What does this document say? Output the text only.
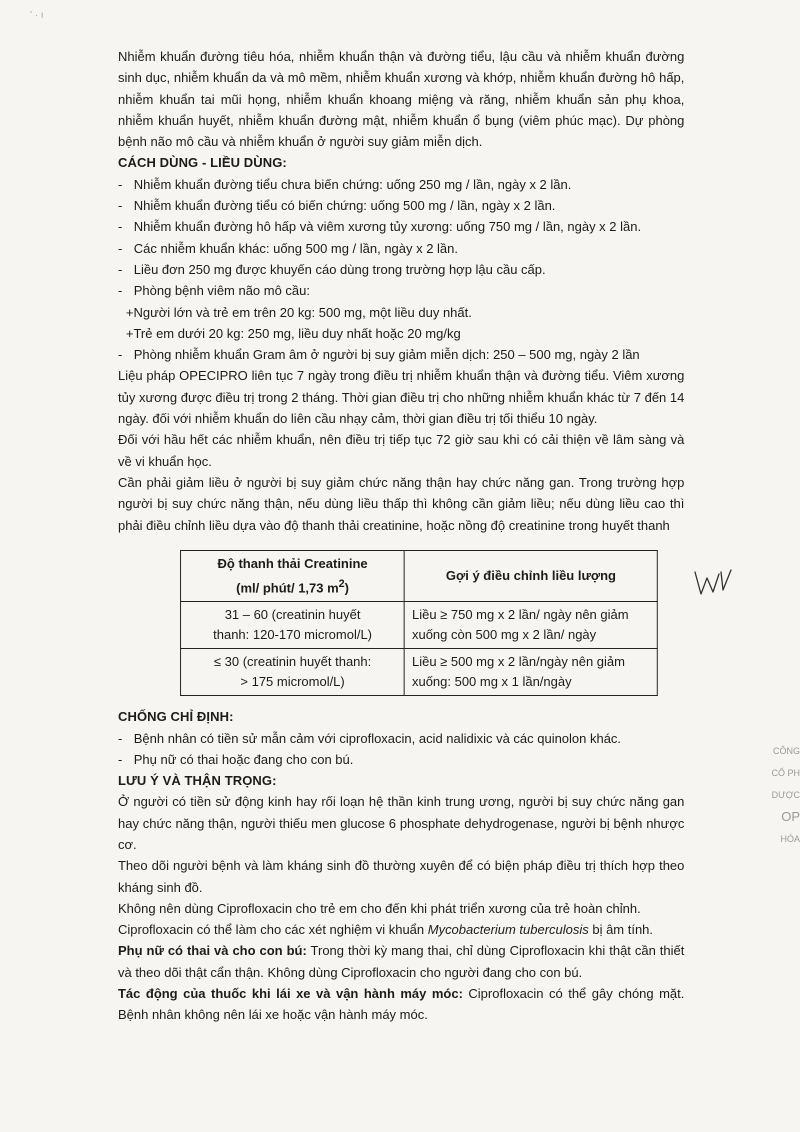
' · ı

Nhiễm khuẩn đường tiêu hóa, nhiễm khuẩn thận và đường tiểu, lậu cầu và nhiễm khuẩn đường sinh dục, nhiễm khuẩn da và mô mềm, nhiễm khuẩn xương và khớp, nhiễm khuẩn đường hô hấp, nhiễm khuẩn tai mũi họng, nhiễm khuẩn khoang miệng và răng, nhiễm khuẩn sản phụ khoa, nhiễm khuẩn huyết, nhiễm khuẩn đường mật, nhiễm khuẩn ổ bụng (viêm phúc mạc). Dự phòng bệnh não mô cầu và nhiễm khuẩn ở người suy giảm miễn dịch.

CÁCH DÙNG - LIỀU DÙNG:

- Nhiễm khuẩn đường tiểu chưa biến chứng: uống 250 mg / lần, ngày x 2 lần.
- Nhiễm khuẩn đường tiểu có biến chứng: uống 500 mg / lần, ngày x 2 lần.
- Nhiễm khuẩn đường hô hấp và viêm xương tủy xương: uống 750 mg / lần, ngày x 2 lần.
- Các nhiễm khuẩn khác: uống 500 mg / lần, ngày x 2 lần.
- Liều đơn 250 mg được khuyến cáo dùng trong trường hợp lậu cầu cấp.
- Phòng bệnh viêm não mô cầu:

+Người lớn và trẻ em trên 20 kg: 500 mg, một liều duy nhất.

+Trẻ em dưới 20 kg: 250 mg, liều duy nhất hoặc 20 mg/kg

- Phòng nhiễm khuẩn Gram âm ở người bị suy giảm miễn dịch: 250 – 500 mg, ngày 2 lần

Liệu pháp OPECIPRO liên tục 7 ngày trong điều trị nhiễm khuẩn thận và đường tiểu. Viêm xương tủy xương được điều trị trong 2 tháng. Thời gian điều trị cho những nhiễm khuẩn khác từ 7 đến 14 ngày. đối với nhiễm khuẩn do liên cầu nhạy cảm, thời gian điều trị tối thiểu 10 ngày.

Đối với hầu hết các nhiễm khuẩn, nên điều trị tiếp tục 72 giờ sau khi có cải thiện về lâm sàng và về vi khuẩn học.

Cần phải giảm liều ở người bị suy giảm chức năng thận hay chức năng gan. Trong trường hợp người bị suy chức năng thận, nếu dùng liều thấp thì không cần giảm liều; nếu dùng liều cao thì phải điều chỉnh liều dựa vào độ thanh thải creatinine, hoặc nồng độ creatinine trong huyết thanh

Độ thanh thải Creatinine
(ml/ phút/ 1,73 $m^2$)	Gợi ý điều chỉnh liều lượng
31 – 60 (creatinin huyết
thanh: 120-170 micromol/L)	Liều ≥ 750 mg x 2 lần/ ngày nên giảm
xuống còn 500 mg x 2 lần/ ngày
≤ 30 (creatinin huyết thanh:
> 175 micromol/L)	Liều ≥ 500 mg x 2 lần/ngày nên giảm
xuống: 500 mg x 1 lần/ngày

CHỐNG CHỈ ĐỊNH:

- Bệnh nhân có tiền sử mẫn cảm với ciprofloxacin, acid nalidixic và các quinolon khác.
- Phụ nữ có thai hoặc đang cho con bú.

LƯU Ý VÀ THẬN TRỌNG:

Ở người có tiền sử động kinh hay rối loạn hệ thần kinh trung ương, người bị suy chức năng gan hay chức năng thận, người thiếu men glucose 6 phosphate dehydrogenase, người bị bệnh nhược cơ.

Theo dõi người bệnh và làm kháng sinh đồ thường xuyên để có biện pháp điều trị thích hợp theo kháng sinh đồ.

Không nên dùng Ciprofloxacin cho trẻ em cho đến khi phát triển xương của trẻ hoàn chỉnh.

Ciprofloxacin có thể làm cho các xét nghiệm vi khuẩn Mycobacterium tuberculosis bị âm tính.

Phụ nữ có thai và cho con bú: Trong thời kỳ mang thai, chỉ dùng Ciprofloxacin khi thật cần thiết và theo dõi thật cẩn thận. Không dùng Ciprofloxacin cho người đang cho con bú.

Tác động của thuốc khi lái xe và vận hành máy móc: Ciprofloxacin có thể gây chóng mặt. Bệnh nhân không nên lái xe hoặc vận hành máy móc.

CÔNG
CỔ PH
DƯỢC
OP
HÓA
